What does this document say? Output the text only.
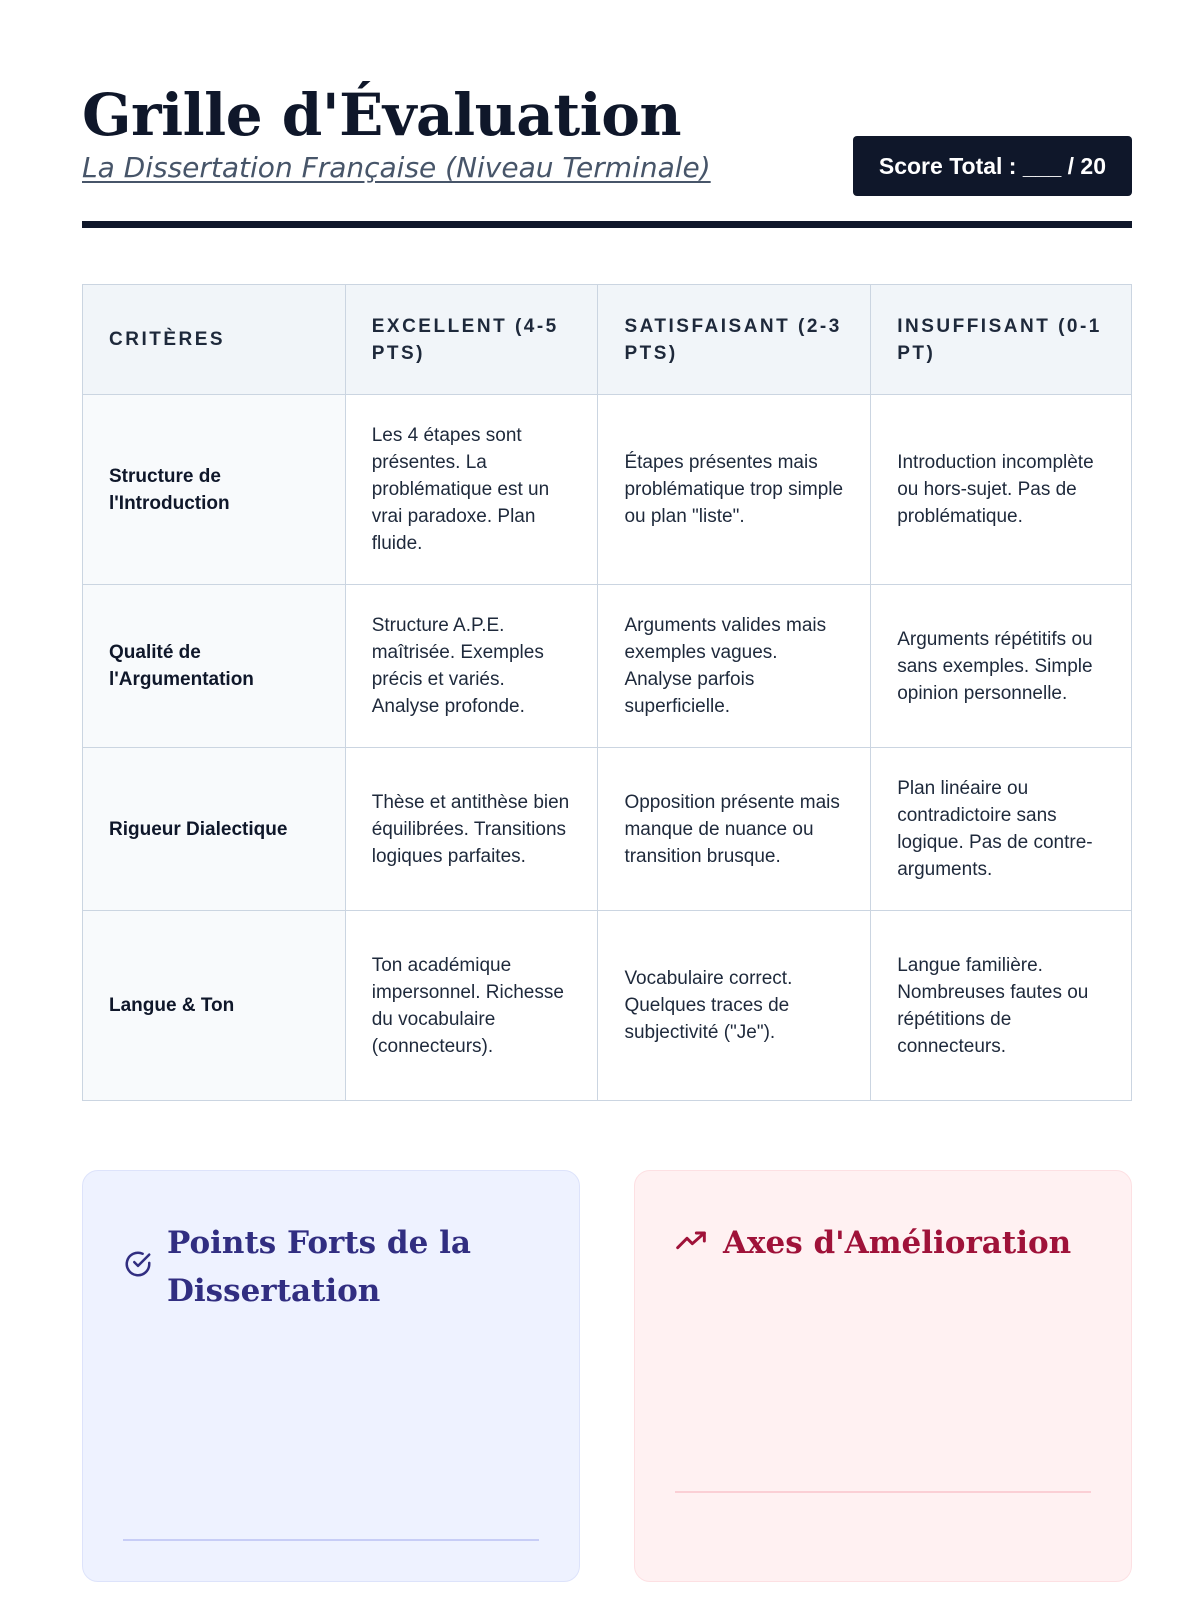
Grille d'Évaluation
La Dissertation Française (Niveau Terminale)	Score Total : ___ / 20
CRITÈRES	EXCELLENT (4-5 PTS)	SATISFAISANT (2-3 PTS)	INSUFFISANT (0-1 PT)
Structure de l'Introduction	Les 4 étapes sont présentes. La problématique est un vrai paradoxe. Plan fluide.	Étapes présentes mais problématique trop simple ou plan "liste".	Introduction incomplète ou hors-sujet. Pas de problématique.
Qualité de l'Argumentation	Structure A.P.E. maîtrisée. Exemples précis et variés. Analyse profonde.	Arguments valides mais exemples vagues. Analyse parfois superficielle.	Arguments répétitifs ou sans exemples. Simple opinion personnelle.
Rigueur Dialectique	Thèse et antithèse bien équilibrées. Transitions logiques parfaites.	Opposition présente mais manque de nuance ou transition brusque.	Plan linéaire ou contradictoire sans logique. Pas de contre-arguments.
Langue & Ton	Ton académique impersonnel. Richesse du vocabulaire (connecteurs).	Vocabulaire correct. Quelques traces de subjectivité ("Je").	Langue familière. Nombreuses fautes ou répétitions de connecteurs.
Points Forts de la Dissertation
Axes d'Amélioration
